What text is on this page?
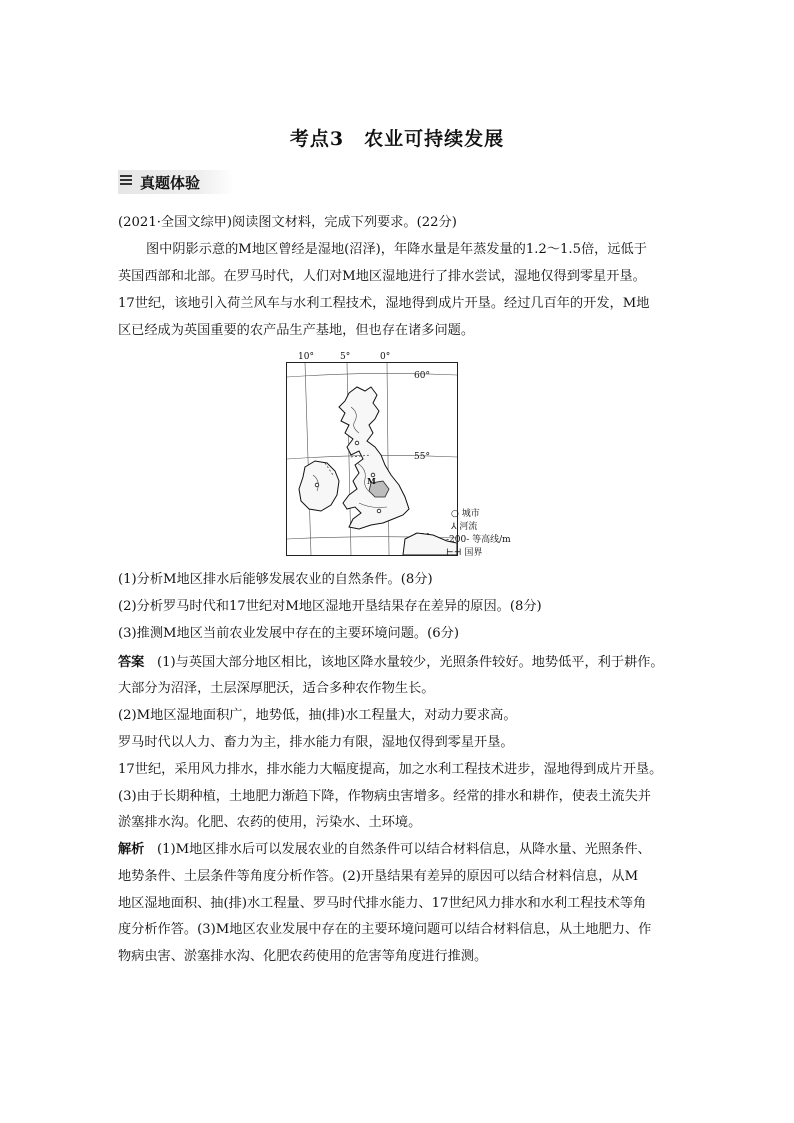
考点3　农业可持续发展
真题体验
(2021·全国文综甲)阅读图文材料，完成下列要求。(22分)
图中阴影示意的M地区曾经是湿地(沼泽)，年降水量是年蒸发量的1.2～1.5倍，远低于
英国西部和北部。在罗马时代，人们对M地区湿地进行了排水尝试，湿地仅得到零星开垦。
17世纪，该地引入荷兰风车与水利工程技术，湿地得到成片开垦。经过几百年的开发，M地
区已经成为英国重要的农产品生产基地，但也存在诸多问题。
10°	5°	0°
60°
55°
M
○ 城市
⅄ 河流
-200- 等高线/m
⊢⊣ 国界
(1)分析M地区排水后能够发展农业的自然条件。(8分)
(2)分析罗马时代和17世纪对M地区湿地开垦结果存在差异的原因。(8分)
(3)推测M地区当前农业发展中存在的主要环境问题。(6分)
答案 (1)与英国大部分地区相比，该地区降水量较少，光照条件较好。地势低平，利于耕作。
大部分为沼泽，土层深厚肥沃，适合多种农作物生长。
(2)M地区湿地面积广，地势低，抽(排)水工程量大，对动力要求高。
罗马时代以人力、畜力为主，排水能力有限，湿地仅得到零星开垦。
17世纪，采用风力排水，排水能力大幅度提高，加之水利工程技术进步，湿地得到成片开垦。
(3)由于长期种植，土地肥力渐趋下降，作物病虫害增多。经常的排水和耕作，使表土流失并
淤塞排水沟。化肥、农药的使用，污染水、土环境。
解析 (1)M地区排水后可以发展农业的自然条件可以结合材料信息，从降水量、光照条件、
地势条件、土层条件等角度分析作答。(2)开垦结果有差异的原因可以结合材料信息，从M
地区湿地面积、抽(排)水工程量、罗马时代排水能力、17世纪风力排水和水利工程技术等角
度分析作答。(3)M地区农业发展中存在的主要环境问题可以结合材料信息，从土地肥力、作
物病虫害、淤塞排水沟、化肥农药使用的危害等角度进行推测。
